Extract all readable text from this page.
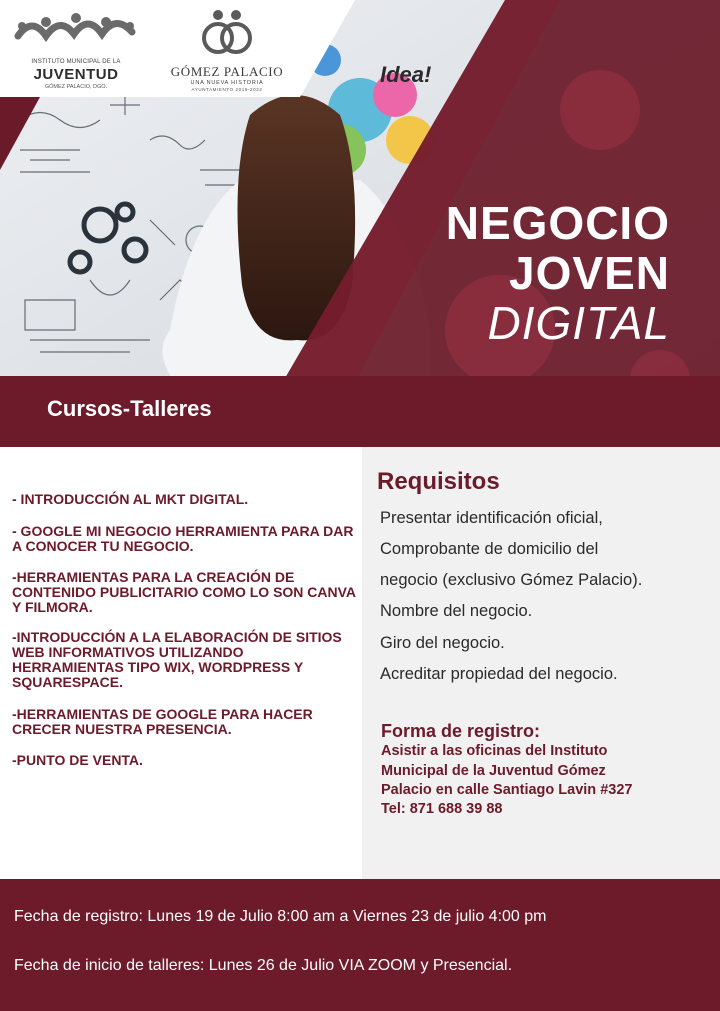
Idea!
INSTITUTO MUNICIPAL DE LA
JUVENTUD
GÓMEZ PALACIO, DGO.
GÓMEZ PALACIO
UNA NUEVA HISTORIA
AYUNTAMIENTO 2019-2022
NEGOCIO
JOVEN
DIGITAL
Cursos-Talleres
- INTRODUCCIÓN AL MKT DIGITAL.
- GOOGLE MI NEGOCIO HERRAMIENTA PARA DAR A CONOCER TU NEGOCIO.
-HERRAMIENTAS PARA LA CREACIÓN DE CONTENIDO PUBLICITARIO COMO LO SON CANVA Y FILMORA.
-INTRODUCCIÓN A LA ELABORACIÓN DE SITIOS WEB INFORMATIVOS UTILIZANDO HERRAMIENTAS TIPO WIX, WORDPRESS Y SQUARESPACE.
-HERRAMIENTAS DE GOOGLE PARA HACER CRECER NUESTRA PRESENCIA.
-PUNTO DE VENTA.
Requisitos
Presentar identificación oficial,
Comprobante de domicilio del
negocio (exclusivo Gómez Palacio).
Nombre del negocio.
Giro del negocio.
Acreditar propiedad del negocio.
Forma de registro:
Asistir a las oficinas del Instituto
Municipal de la Juventud Gómez
Palacio en calle Santiago Lavin #327
Tel: 871 688 39 88
Fecha de registro: Lunes 19 de Julio 8:00 am a Viernes 23 de julio 4:00 pm
Fecha de inicio de talleres: Lunes 26 de Julio VIA ZOOM y Presencial.
